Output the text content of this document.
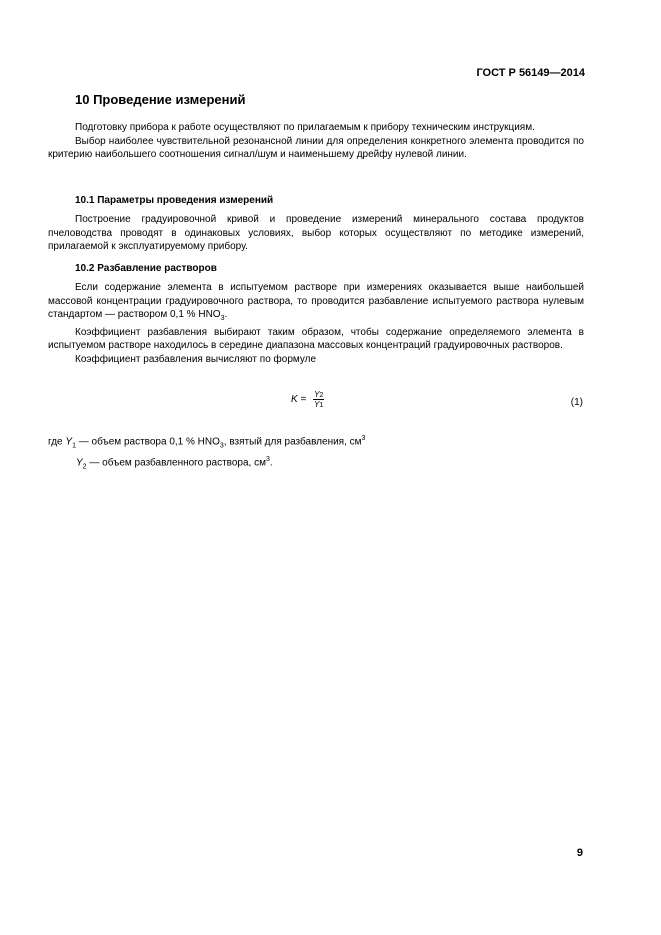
ГОСТ Р 56149—2014
10 Проведение измерений

Подготовку прибора к работе осуществляют по прилагаемым к прибору техническим инструкциям.

Выбор наиболее чувствительной резонансной линии для определения конкретного элемента проводится по критерию наибольшего соотношения сигнал/шум и наименьшему дрейфу нулевой линии.

10.1 Параметры проведения измерений

Построение градуировочной кривой и проведение измерений минерального состава продуктов пчеловодства проводят в одинаковых условиях, выбор которых осуществляют по методике измерений, прилагаемой к эксплуатируемому прибору.

10.2 Разбавление растворов

Если содержание элемента в испытуемом растворе при измерениях оказывается выше наибольшей массовой концентрации градуировочного раствора, то проводится разбавление испытуемого раствора нулевым стандартом — раствором 0,1 % $HNO_3$.

Коэффициент разбавления выбирают таким образом, чтобы содержание определяемого элемента в испытуемом растворе находилось в середине диапазона массовых концентраций градуировочных растворов.

Коэффициент разбавления вычисляют по формуле

$K = \frac{Y2}{Y1}$	(1)
где $Y_1$ — объем раствора 0,1 % $HNO_3$, взятый для разбавления, $см^3$
$Y_2$ — объем разбавленного раствора, $см^3$.
9
